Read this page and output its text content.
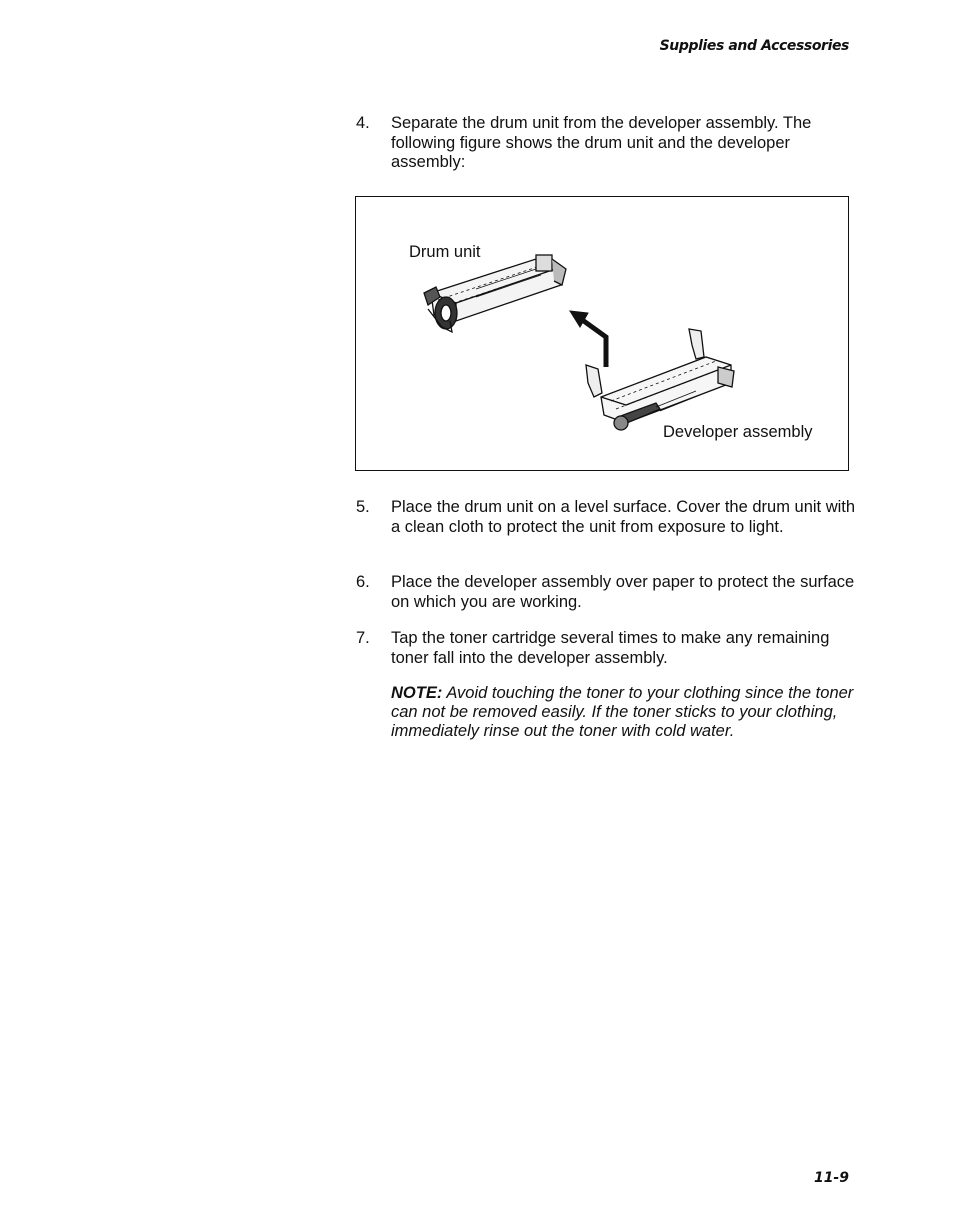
Supplies and Accessories
4. Separate the drum unit from the developer assembly. The following figure shows the drum unit and the developer assembly:
Drum unit
Developer assembly
5. Place the drum unit on a level surface. Cover the drum unit with a clean cloth to protect the unit from exposure to light.
6. Place the developer assembly over paper to protect the surface on which you are working.
7. Tap the toner cartridge several times to make any remaining toner fall into the developer assembly.
NOTE: Avoid touching the toner to your clothing since the toner can not be removed easily. If the toner sticks to your clothing, immediately rinse out the toner with cold water.
11-9
